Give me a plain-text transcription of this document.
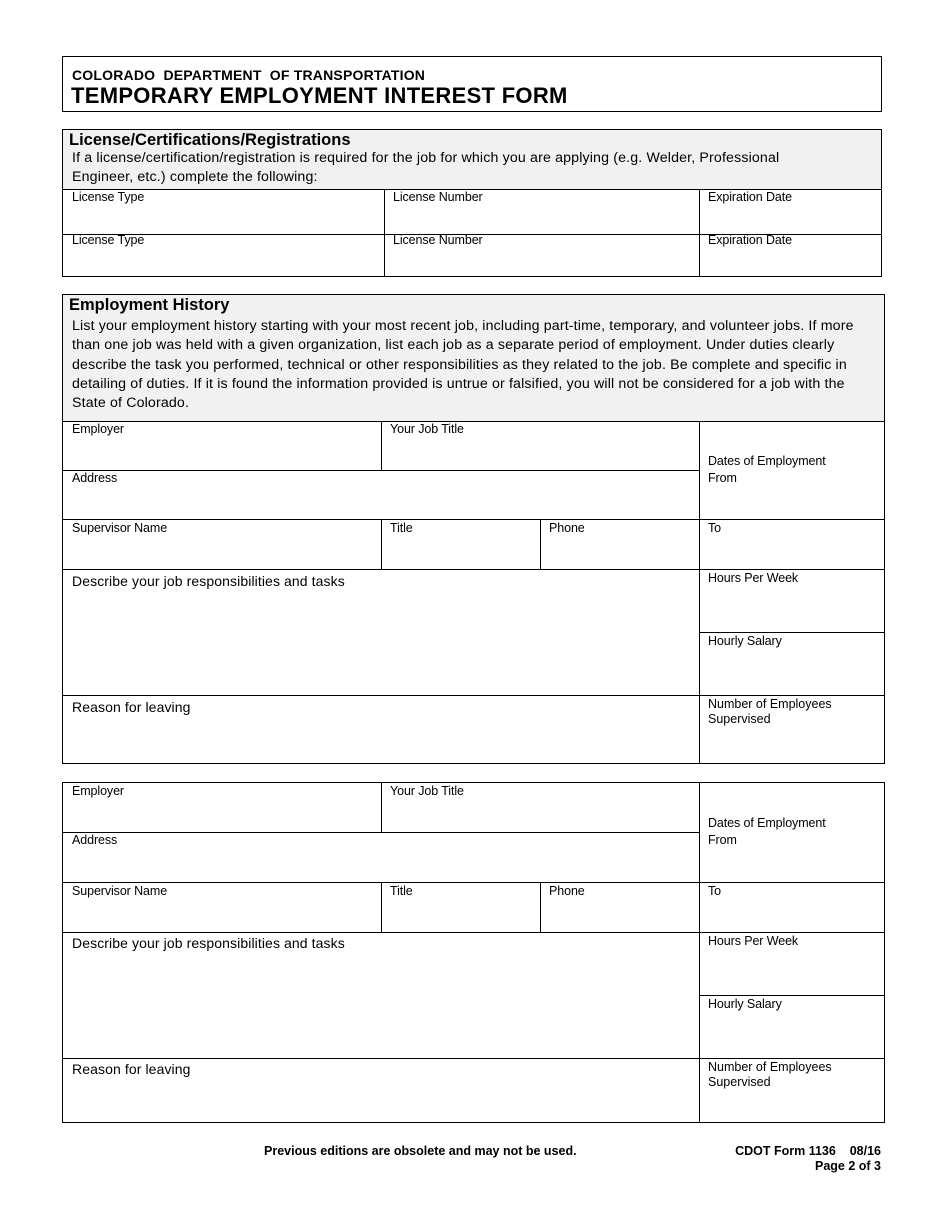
COLORADO  DEPARTMENT  OF TRANSPORTATION
TEMPORARY EMPLOYMENT INTEREST FORM
License/Certifications/Registrations
If a license/certification/registration is required for the job for which you are applying (e.g. Welder, Professional Engineer, etc.) complete the following:
License Type	License Number	Expiration Date
License Type	License Number	Expiration Date
Employment History
List your employment history starting with your most recent job, including part-time, temporary, and volunteer jobs. If more than one job was held with a given organization, list each job as a separate period of employment. Under duties clearly describe the task you performed, technical or other responsibilities as they related to the job. Be complete and specific in detailing of duties. If it is found the information provided is untrue or falsified, you will not be considered for a job with the State of Colorado.
Employer	Your Job Title
Dates of Employment
Address	From
Supervisor Name	Title	Phone	To
Describe your job responsibilities and tasks	Hours Per Week
Hourly Salary
Reason for leaving	Number of Employees Supervised
Employer	Your Job Title
Dates of Employment
Address	From
Supervisor Name	Title	Phone	To
Describe your job responsibilities and tasks	Hours Per Week
Hourly Salary
Reason for leaving	Number of Employees Supervised
Previous editions are obsolete and may not be used.	CDOT Form 1136    08/16
Page 2 of 3
